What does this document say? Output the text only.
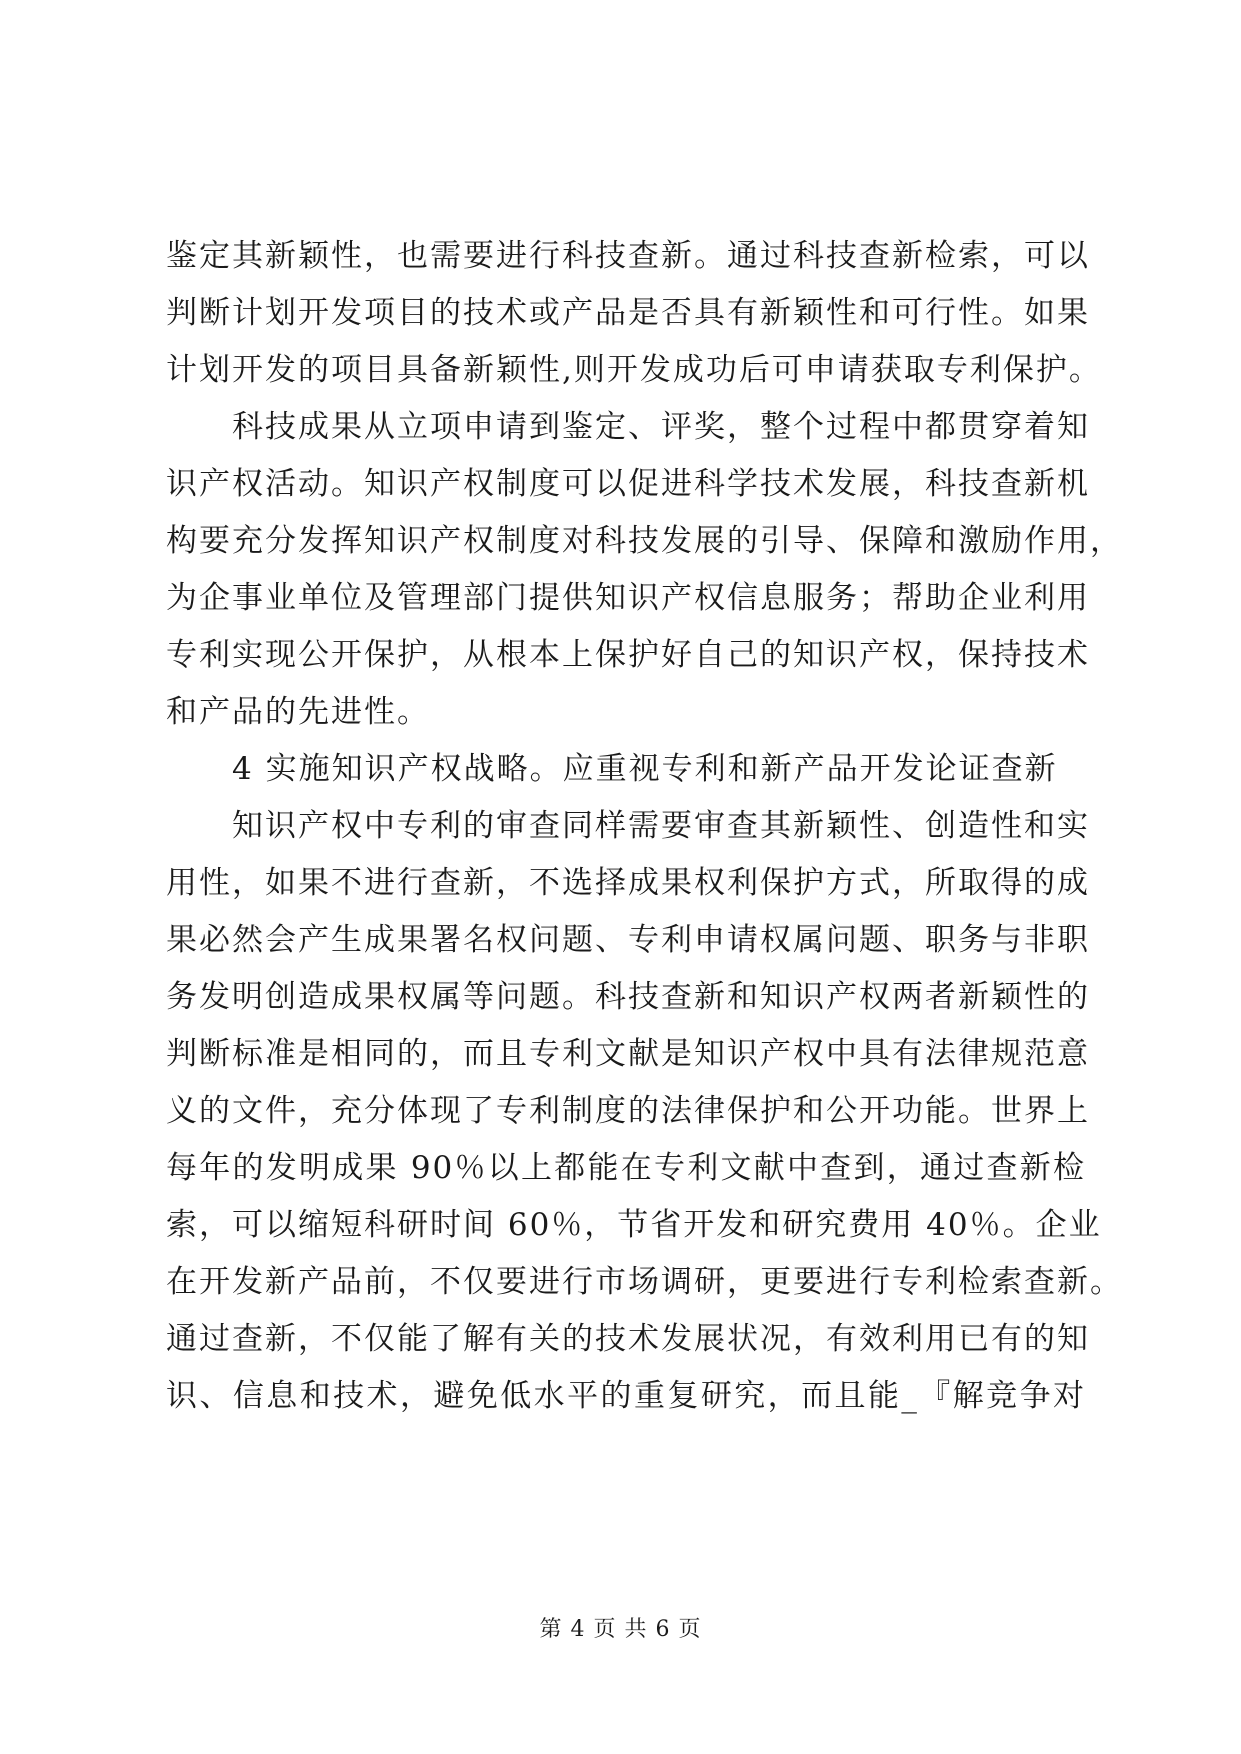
鉴定其新颖性，也需要进行科技查新。通过科技查新检索，可以
判断计划开发项目的技术或产品是否具有新颖性和可行性。如果
计划开发的项目具备新颖性,则开发成功后可申请获取专利保护。
科技成果从立项申请到鉴定、评奖，整个过程中都贯穿着知
识产权活动。知识产权制度可以促进科学技术发展，科技查新机
构要充分发挥知识产权制度对科技发展的引导、保障和激励作用，
为企事业单位及管理部门提供知识产权信息服务；帮助企业利用
专利实现公开保护，从根本上保护好自己的知识产权，保持技术
和产品的先进性。
4 实施知识产权战略。应重视专利和新产品开发论证查新
知识产权中专利的审查同样需要审查其新颖性、创造性和实
用性，如果不进行查新，不选择成果权利保护方式，所取得的成
果必然会产生成果署名权问题、专利申请权属问题、职务与非职
务发明创造成果权属等问题。科技查新和知识产权两者新颖性的
判断标准是相同的，而且专利文献是知识产权中具有法律规范意
义的文件，充分体现了专利制度的法律保护和公开功能。世界上
每年的发明成果 90％以上都能在专利文献中查到，通过查新检
索，可以缩短科研时间 60％，节省开发和研究费用 40％。企业
在开发新产品前，不仅要进行市场调研，更要进行专利检索查新。
通过查新，不仅能了解有关的技术发展状况，有效利用已有的知
识、信息和技术，避免低水平的重复研究，而且能_『解竞争对
第 4 页 共 6 页
